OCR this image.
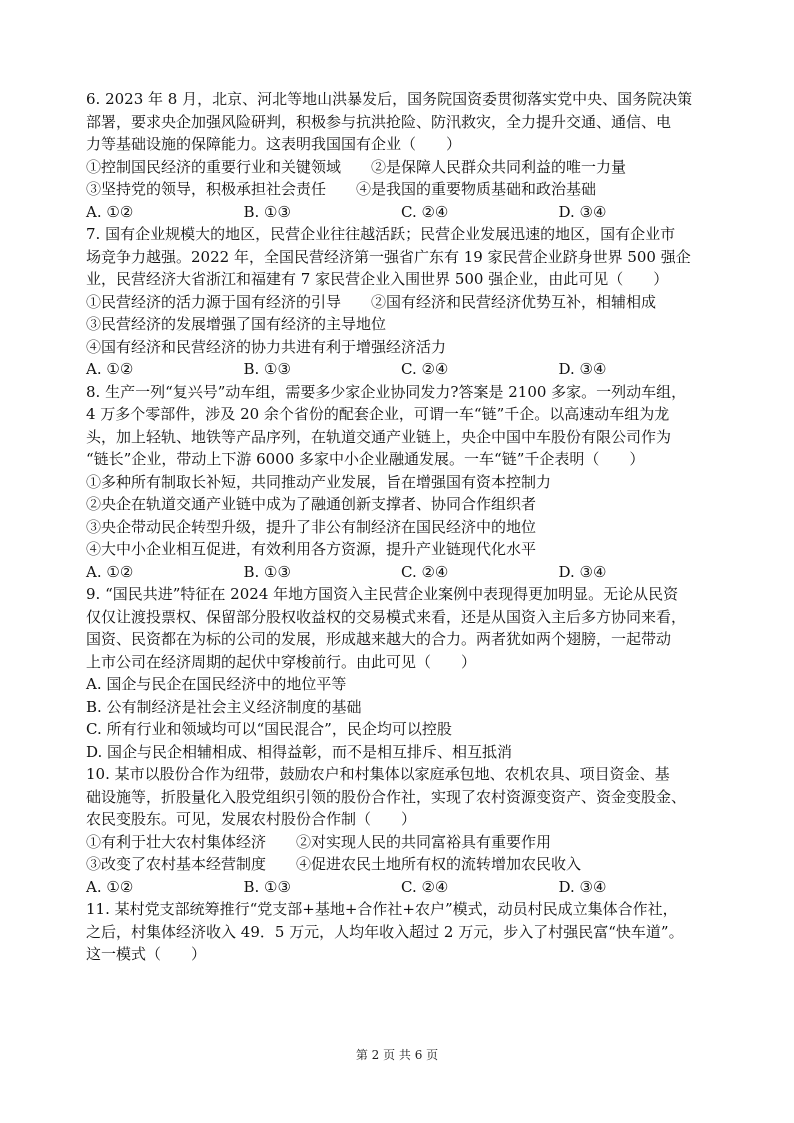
6. 2023 年 8 月，北京、河北等地山洪暴发后，国务院国资委贯彻落实党中央、国务院决策
部署，要求央企加强风险研判，积极参与抗洪抢险、防汛救灾，全力提升交通、通信、电
力等基础设施的保障能力。这表明我国国有企业（　　）
①控制国民经济的重要行业和关键领域　　②是保障人民群众共同利益的唯一力量
③坚持党的领导，积极承担社会责任　　④是我国的重要物质基础和政治基础
A. ①②	B. ①③	C. ②④	D. ③④
7. 国有企业规模大的地区，民营企业往往越活跃；民营企业发展迅速的地区，国有企业市
场竞争力越强。2022 年，全国民营经济第一强省广东有 19 家民营企业跻身世界 500 强企
业，民营经济大省浙江和福建有 7 家民营企业入围世界 500 强企业，由此可见（　　）
①民营经济的活力源于国有经济的引导　　②国有经济和民营经济优势互补，相辅相成
③民营经济的发展增强了国有经济的主导地位
④国有经济和民营经济的协力共进有利于增强经济活力
A. ①②	B. ①③	C. ②④	D. ③④
8. 生产一列“复兴号”动车组，需要多少家企业协同发力?答案是 2100 多家。一列动车组，
4 万多个零部件，涉及 20 余个省份的配套企业，可谓一车“链”千企。以高速动车组为龙
头，加上轻轨、地铁等产品序列，在轨道交通产业链上，央企中国中车股份有限公司作为
“链长”企业，带动上下游 6000 多家中小企业融通发展。一车“链”千企表明（　　）
①多种所有制取长补短，共同推动产业发展，旨在增强国有资本控制力
②央企在轨道交通产业链中成为了融通创新支撑者、协同合作组织者
③央企带动民企转型升级，提升了非公有制经济在国民经济中的地位
④大中小企业相互促进，有效利用各方资源，提升产业链现代化水平
A. ①②	B. ①③	C. ②④	D. ③④
9. “国民共进”特征在 2024 年地方国资入主民营企业案例中表现得更加明显。无论从民资
仅仅让渡投票权、保留部分股权收益权的交易模式来看，还是从国资入主后多方协同来看，
国资、民资都在为标的公司的发展，形成越来越大的合力。两者犹如两个翅膀，一起带动
上市公司在经济周期的起伏中穿梭前行。由此可见（　　）
A. 国企与民企在国民经济中的地位平等
B. 公有制经济是社会主义经济制度的基础
C. 所有行业和领域均可以“国民混合”，民企均可以控股
D. 国企与民企相辅相成、相得益彰，而不是相互排斥、相互抵消
10. 某市以股份合作为纽带，鼓励农户和村集体以家庭承包地、农机农具、项目资金、基
础设施等，折股量化入股党组织引领的股份合作社，实现了农村资源变资产、资金变股金、
农民变股东。可见，发展农村股份合作制（　　）
①有利于壮大农村集体经济　　②对实现人民的共同富裕具有重要作用
③改变了农村基本经营制度　　④促进农民土地所有权的流转增加农民收入
A. ①②	B. ①③	C. ②④	D. ③④
11. 某村党支部统筹推行“党支部+基地+合作社+农户”模式，动员村民成立集体合作社，
之后，村集体经济收入 49．5 万元，人均年收入超过 2 万元，步入了村强民富“快车道”。
这一模式（　　）
第 2 页 共 6 页
